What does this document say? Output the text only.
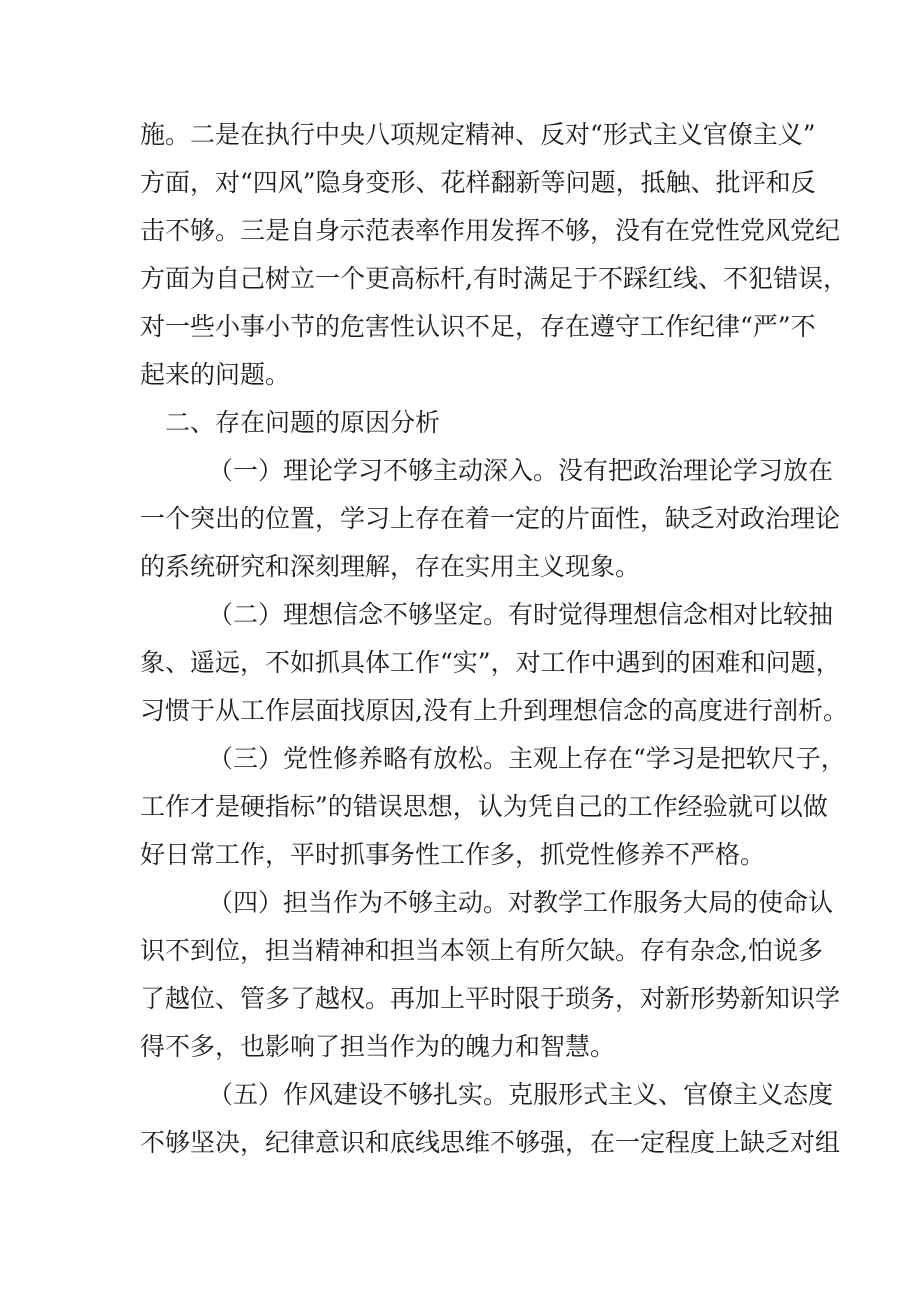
施。二是在执行中央八项规定精神、反对“形式主义官僚主义”
方面，对“四风”隐身变形、花样翻新等问题，抵触、批评和反
击不够。三是自身示范表率作用发挥不够，没有在党性党风党纪
方面为自己树立一个更高标杆,有时满足于不踩红线、不犯错误，
对一些小事小节的危害性认识不足，存在遵守工作纪律“严”不
起来的问题。
二、存在问题的原因分析
（一）理论学习不够主动深入。没有把政治理论学习放在
一个突出的位置，学习上存在着一定的片面性，缺乏对政治理论
的系统研究和深刻理解，存在实用主义现象。
（二）理想信念不够坚定。有时觉得理想信念相对比较抽
象、遥远，不如抓具体工作“实”，对工作中遇到的困难和问题，
习惯于从工作层面找原因,没有上升到理想信念的高度进行剖析。
（三）党性修养略有放松。主观上存在“学习是把软尺子，
工作才是硬指标”的错误思想，认为凭自己的工作经验就可以做
好日常工作，平时抓事务性工作多，抓党性修养不严格。
（四）担当作为不够主动。对教学工作服务大局的使命认
识不到位，担当精神和担当本领上有所欠缺。存有杂念,怕说多
了越位、管多了越权。再加上平时限于琐务，对新形势新知识学
得不多，也影响了担当作为的魄力和智慧。
（五）作风建设不够扎实。克服形式主义、官僚主义态度
不够坚决，纪律意识和底线思维不够强，在一定程度上缺乏对组
